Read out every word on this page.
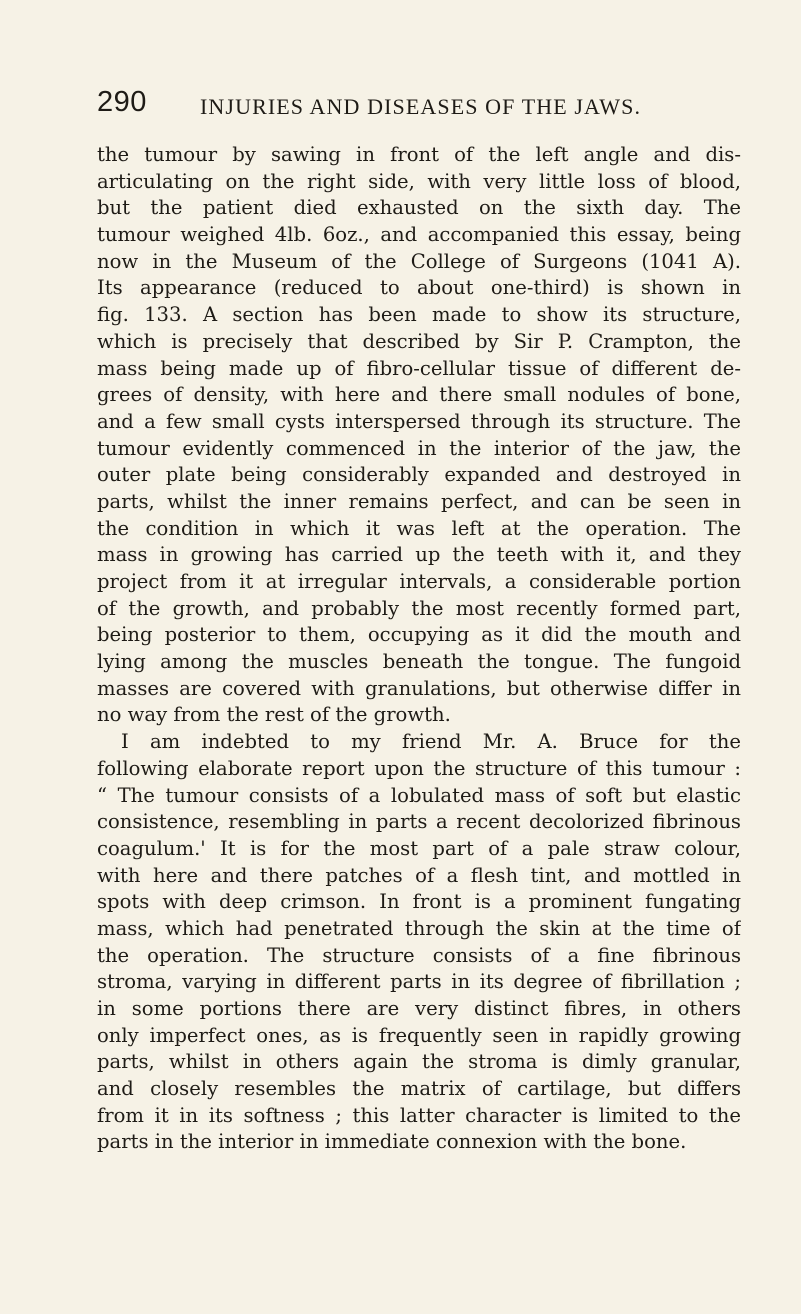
290 INJURIES AND DISEASES OF THE JAWS.
the tumour by sawing in front of the left angle and dis-
articulating on the right side, with very little loss of blood,
but the patient died exhausted on the sixth day. The
tumour weighed 4lb. 6oz., and accompanied this essay, being
now in the Museum of the College of Surgeons (1041 A).
Its appearance (reduced to about one-third) is shown in
fig. 133. A section has been made to show its structure,
which is precisely that described by Sir P. Crampton, the
mass being made up of fibro-cellular tissue of different de-
grees of density, with here and there small nodules of bone,
and a few small cysts interspersed through its structure. The
tumour evidently commenced in the interior of the jaw, the
outer plate being considerably expanded and destroyed in
parts, whilst the inner remains perfect, and can be seen in
the condition in which it was left at the operation. The
mass in growing has carried up the teeth with it, and they
project from it at irregular intervals, a considerable portion
of the growth, and probably the most recently formed part,
being posterior to them, occupying as it did the mouth and
lying among the muscles beneath the tongue. The fungoid
masses are covered with granulations, but otherwise differ in
no way from the rest of the growth.
I am indebted to my friend Mr. A. Bruce for the
following elaborate report upon the structure of this tumour :
“ The tumour consists of a lobulated mass of soft but elastic
consistence, resembling in parts a recent decolorized fibrinous
coagulum.' It is for the most part of a pale straw colour,
with here and there patches of a flesh tint, and mottled in
spots with deep crimson. In front is a prominent fungating
mass, which had penetrated through the skin at the time of
the operation. The structure consists of a fine fibrinous
stroma, varying in different parts in its degree of fibrillation ;
in some portions there are very distinct fibres, in others
only imperfect ones, as is frequently seen in rapidly growing
parts, whilst in others again the stroma is dimly granular,
and closely resembles the matrix of cartilage, but differs
from it in its softness ; this latter character is limited to the
parts in the interior in immediate connexion with the bone.
